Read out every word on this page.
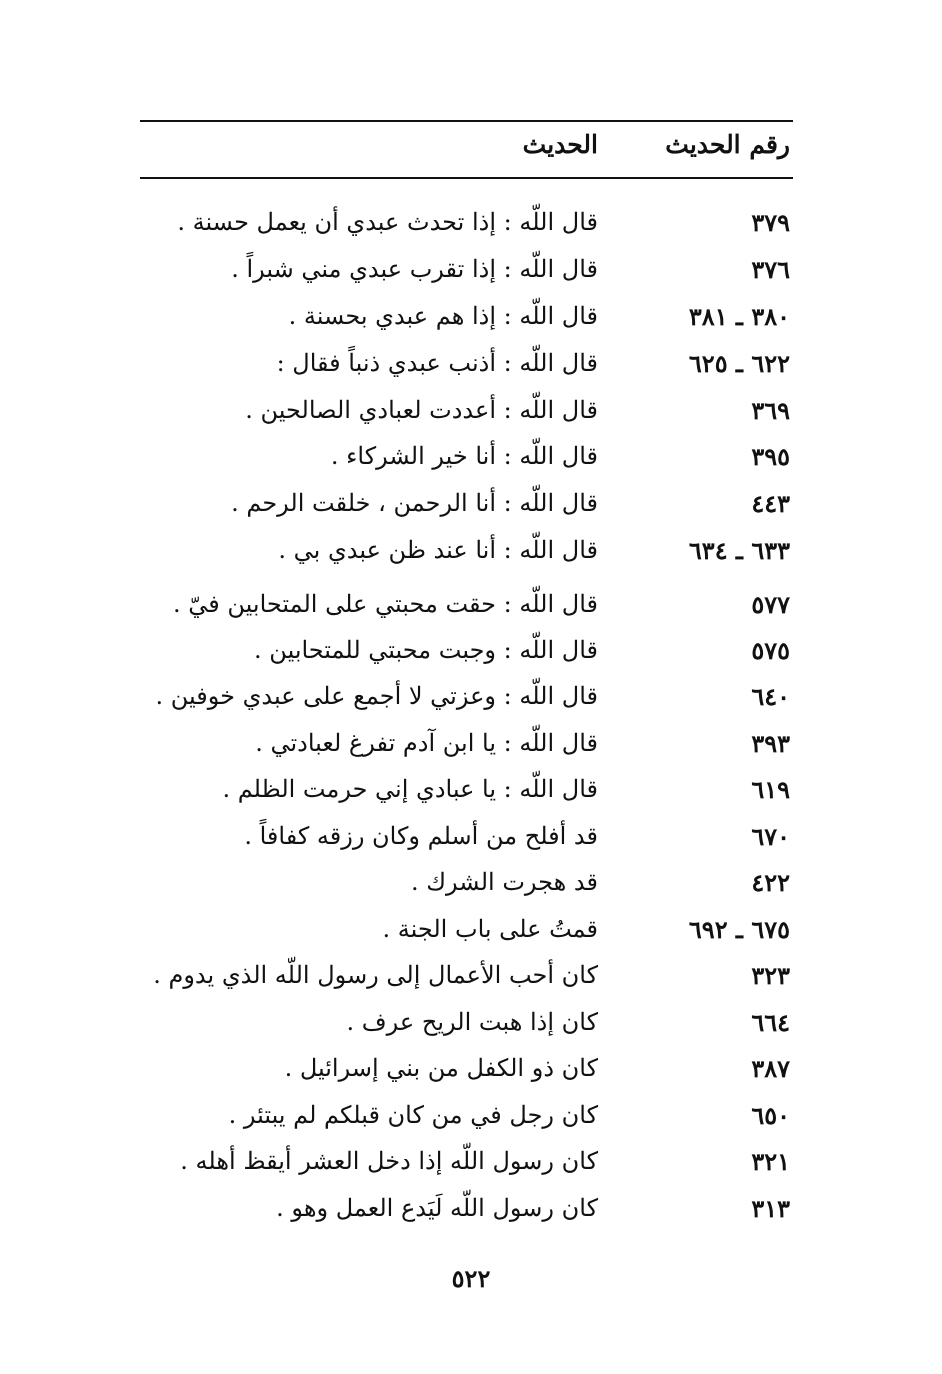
رقم الحديث
الحديث
٣٧٩
قال اللّه : إذا تحدث عبدي أن يعمل حسنة .
٣٧٦
قال اللّه : إذا تقرب عبدي مني شبراً .
٣٨٠ ـ ٣٨١
قال اللّه : إذا هم عبدي بحسنة .
٦٢٢ ـ ٦٢٥
قال اللّه : أذنب عبدي ذنباً فقال :
٣٦٩
قال اللّه : أعددت لعبادي الصالحين .
٣٩٥
قال اللّه : أنا خير الشركاء .
٤٤٣
قال اللّه : أنا الرحمن ، خلقت الرحم .
٦٣٣ ـ ٦٣٤
قال اللّه : أنا عند ظن عبدي بي .
٥٧٧
قال اللّه : حقت محبتي على المتحابين فيّ .
٥٧٥
قال اللّه : وجبت محبتي للمتحابين .
٦٤٠
قال اللّه : وعزتي لا أجمع على عبدي خوفين .
٣٩٣
قال اللّه : يا ابن آدم تفرغ لعبادتي .
٦١٩
قال اللّه : يا عبادي إني حرمت الظلم .
٦٧٠
قد أفلح من أسلم وكان رزقه كفافاً .
٤٢٢
قد هجرت الشرك .
٦٧٥ ـ ٦٩٢
قمتُ على باب الجنة .
٣٢٣
كان أحب الأعمال إلى رسول اللّه الذي يدوم .
٦٦٤
كان إذا هبت الريح عرف .
٣٨٧
كان ذو الكفل من بني إسرائيل .
٦٥٠
كان رجل في من كان قبلكم لم يبتئر .
٣٢١
كان رسول اللّه إذا دخل العشر أيقظ أهله .
٣١٣
كان رسول اللّه لَيَدع العمل وهو .
٥٢٢
